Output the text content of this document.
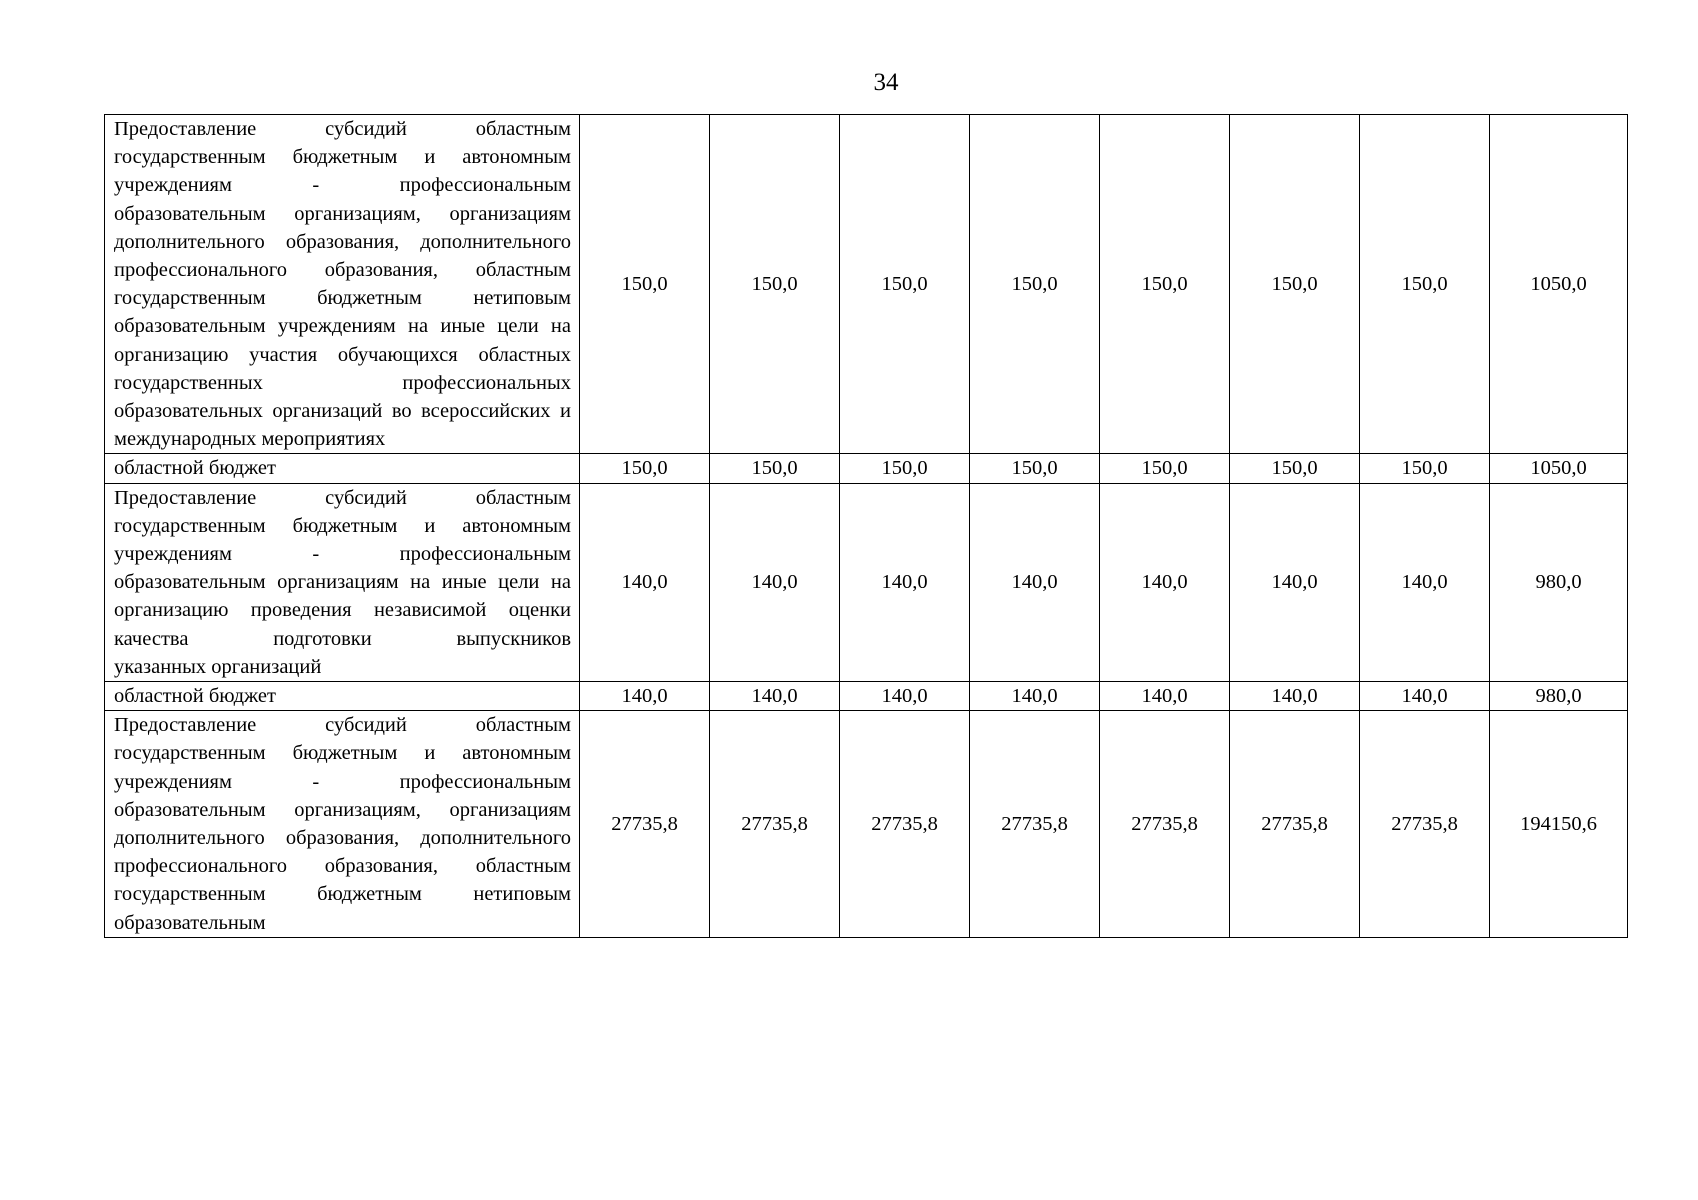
34
Предоставление субсидий областным государственным бюджетным и автономным учреждениям - профессиональным образовательным организациям, организациям дополнительного образования, дополнительного профессионального образования, областным государственным бюджетным нетиповым образовательным учреждениям на иные цели на организацию участия обучающихся областных государственных профессиональных образовательных организаций во всероссийских и
международных мероприятиях	150,0	150,0	150,0	150,0	150,0	150,0	150,0	1050,0
областной бюджет	150,0	150,0	150,0	150,0	150,0	150,0	150,0	1050,0
Предоставление субсидий областным государственным бюджетным и автономным учреждениям - профессиональным образовательным организациям на иные цели на организацию проведения независимой оценки качества подготовки выпускников
указанных организаций	140,0	140,0	140,0	140,0	140,0	140,0	140,0	980,0
областной бюджет	140,0	140,0	140,0	140,0	140,0	140,0	140,0	980,0
Предоставление субсидий областным государственным бюджетным и автономным учреждениям - профессиональным образовательным организациям, организациям дополнительного образования, дополнительного профессионального образования, областным государственным бюджетным нетиповым образовательным	27735,8	27735,8	27735,8	27735,8	27735,8	27735,8	27735,8	194150,6
